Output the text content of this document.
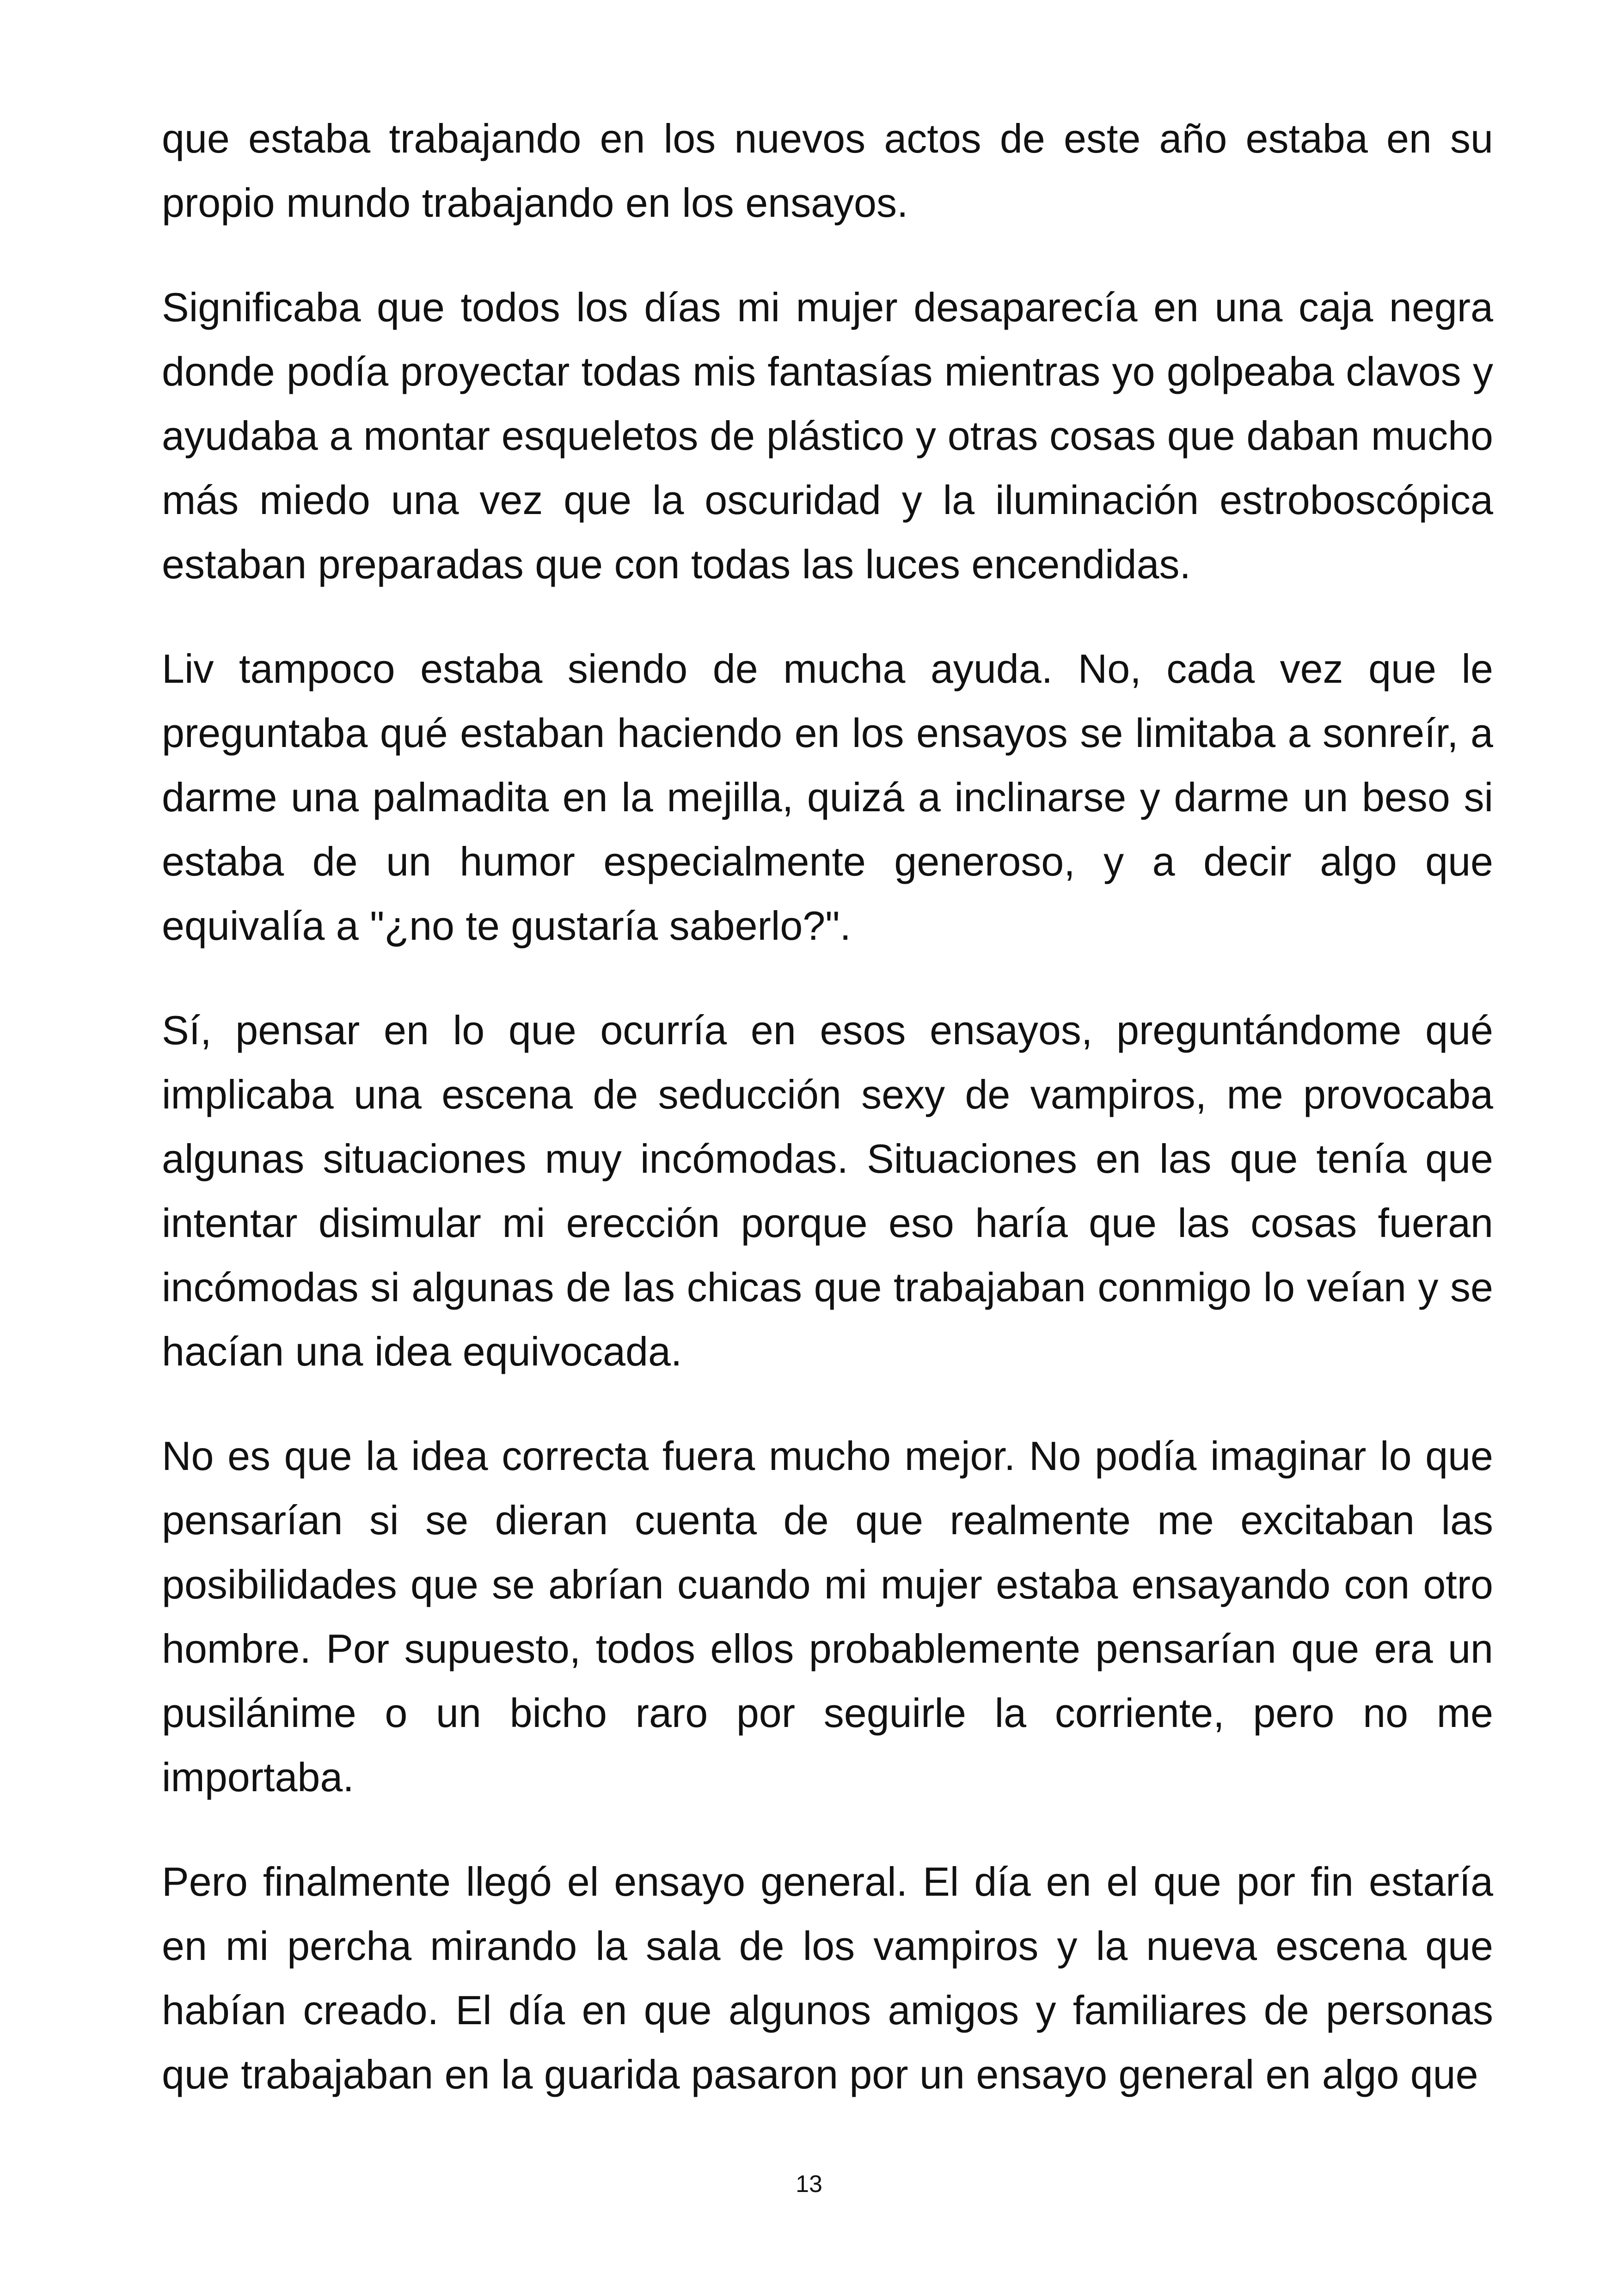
que estaba trabajando en los nuevos actos de este año estaba en su propio mundo trabajando en los ensayos.

Significaba que todos los días mi mujer desaparecía en una caja negra donde podía proyectar todas mis fantasías mientras yo golpeaba clavos y ayudaba a montar esqueletos de plástico y otras cosas que daban mucho más miedo una vez que la oscuridad y la iluminación estroboscópica estaban preparadas que con todas las luces encendidas.

Liv tampoco estaba siendo de mucha ayuda. No, cada vez que le preguntaba qué estaban haciendo en los ensayos se limitaba a sonreír, a darme una palmadita en la mejilla, quizá a inclinarse y darme un beso si estaba de un humor especialmente generoso, y a decir algo que equivalía a "¿no te gustaría saberlo?".

Sí, pensar en lo que ocurría en esos ensayos, preguntándome qué implicaba una escena de seducción sexy de vampiros, me provocaba algunas situaciones muy incómodas. Situaciones en las que tenía que intentar disimular mi erección porque eso haría que las cosas fueran incómodas si algunas de las chicas que trabajaban conmigo lo veían y se hacían una idea equivocada.

No es que la idea correcta fuera mucho mejor. No podía imaginar lo que pensarían si se dieran cuenta de que realmente me excitaban las posibilidades que se abrían cuando mi mujer estaba ensayando con otro hombre. Por supuesto, todos ellos probablemente pensarían que era un pusilánime o un bicho raro por seguirle la corriente, pero no me importaba.

Pero finalmente llegó el ensayo general. El día en el que por fin estaría en mi percha mirando la sala de los vampiros y la nueva escena que habían creado. El día en que algunos amigos y familiares de personas que trabajaban en la guarida pasaron por un ensayo general en algo que

13
